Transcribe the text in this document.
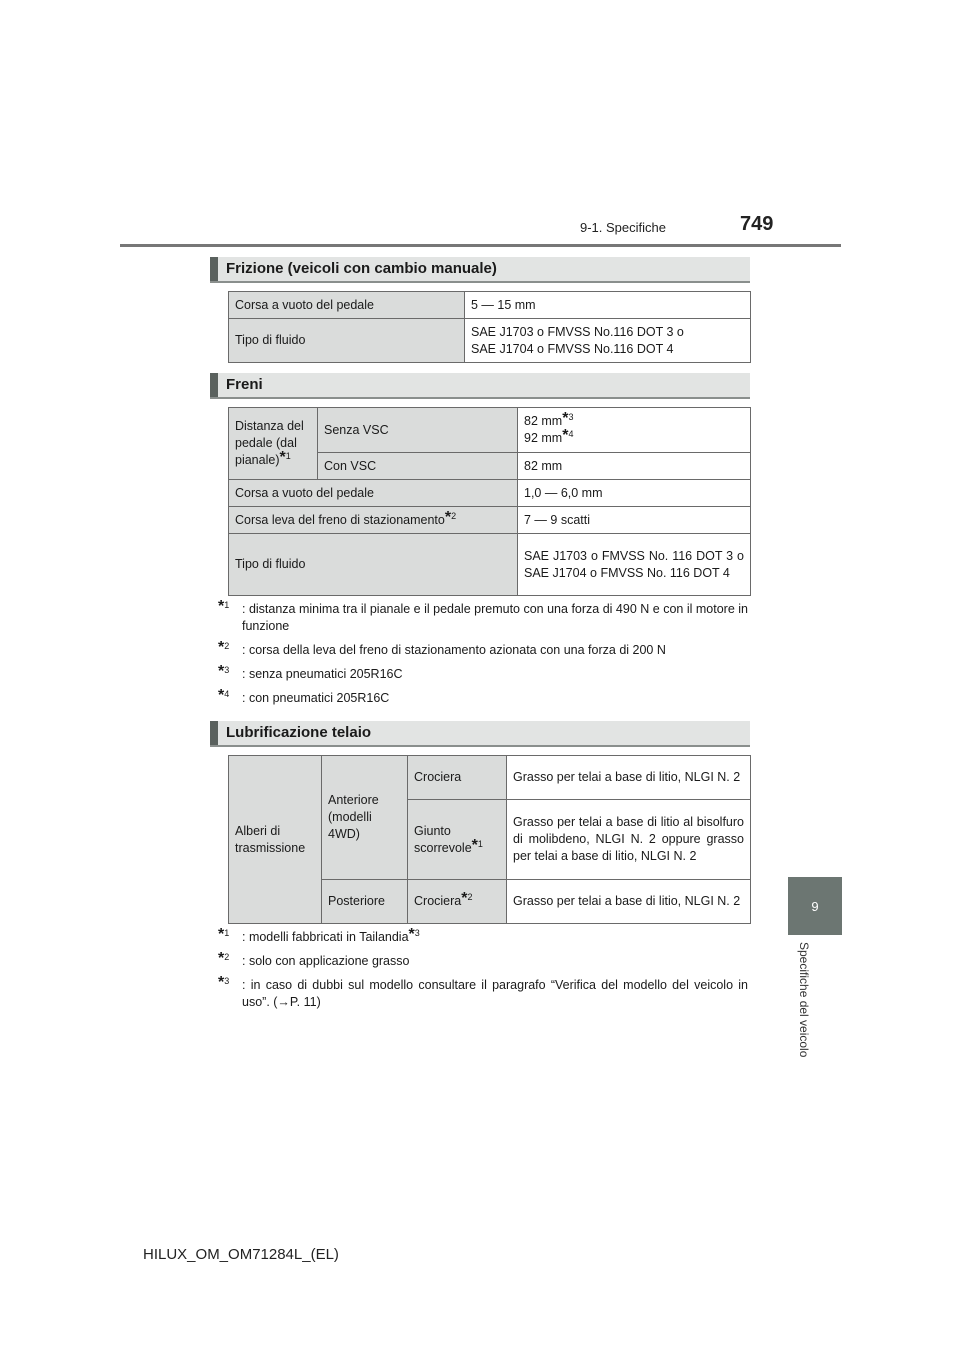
9-1. Specifiche	749
9
Specifiche del veicolo
Frizione (veicoli con cambio manuale)
Corsa a vuoto del pedale	5 — 15 mm
Tipo di fluido	SAE J1703 o FMVSS No.116 DOT 3 o
SAE J1704 o FMVSS No.116 DOT 4
Freni
Distanza del pedale (dal pianale)*$^1$	Senza VSC	82 mm*$^3$
92 mm*$^4$

	Con VSC	82 mm
Corsa a vuoto del pedale		1,0 — 6,0 mm
Corsa leva del freno di stazionamento*$^2$		7 — 9 scatti
Tipo di fluido		SAE J1703 o FMVSS No. 116 DOT 3 o SAE J1704 o FMVSS No. 116 DOT 4
*$^1$ : distanza minima tra il pianale e il pedale premuto con una forza di 490 N e con il motore in funzione
*$^2$ : corsa della leva del freno di stazionamento azionata con una forza di 200 N
*$^3$ : senza pneumatici 205R16C
*$^4$ : con pneumatici 205R16C
Lubrificazione telaio
Alberi di trasmissione	Anteriore (modelli 4WD)	Crociera	Grasso per telai a base di litio, NLGI N. 2
		Giunto scorrevole*$^1$	Grasso per telai a base di litio al bisolfuro di molibdeno, NLGI N. 2 oppure grasso per telai a base di litio, NLGI N. 2
	Posteriore	Crociera*$^2$	Grasso per telai a base di litio, NLGI N. 2
*$^1$ : modelli fabbricati in Tailandia*$^3$
*$^2$ : solo con applicazione grasso
*$^3$ : in caso di dubbi sul modello consultare il paragrafo “Verifica del modello del veicolo in uso”. (→P. 11)
HILUX_OM_OM71284L_(EL)
